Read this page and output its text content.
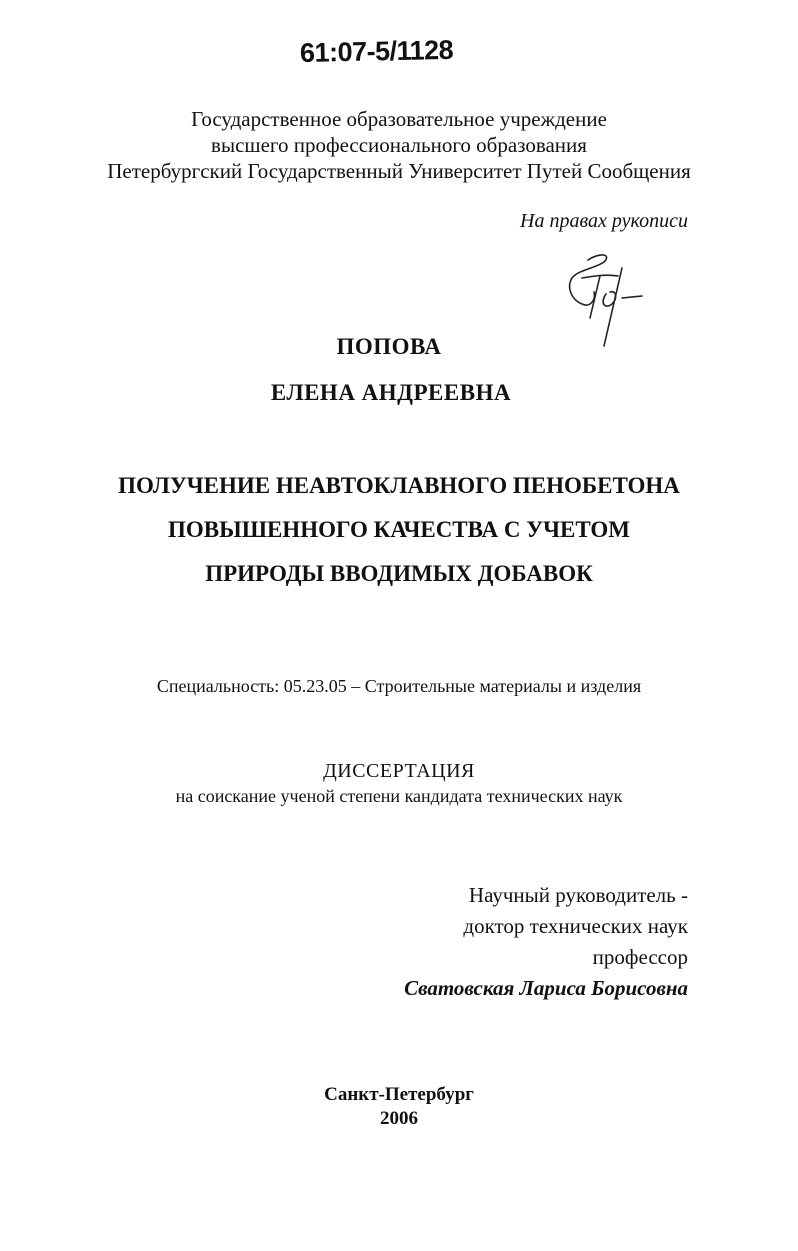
61:07-5/1128
Государственное образовательное учреждение
высшего профессионального образования
Петербургский Государственный Университет Путей Сообщения
На правах рукописи
ПОПОВА
ЕЛЕНА АНДРЕЕВНА
ПОЛУЧЕНИЕ НЕАВТОКЛАВНОГО ПЕНОБЕТОНА
ПОВЫШЕННОГО КАЧЕСТВА С УЧЕТОМ
ПРИРОДЫ ВВОДИМЫХ ДОБАВОК
Специальность: 05.23.05 – Строительные материалы и изделия
ДИССЕРТАЦИЯ
на соискание ученой степени кандидата технических наук
Научный руководитель -
доктор технических наук
профессор
Сватовская Лариса Борисовна
Санкт-Петербург
2006
